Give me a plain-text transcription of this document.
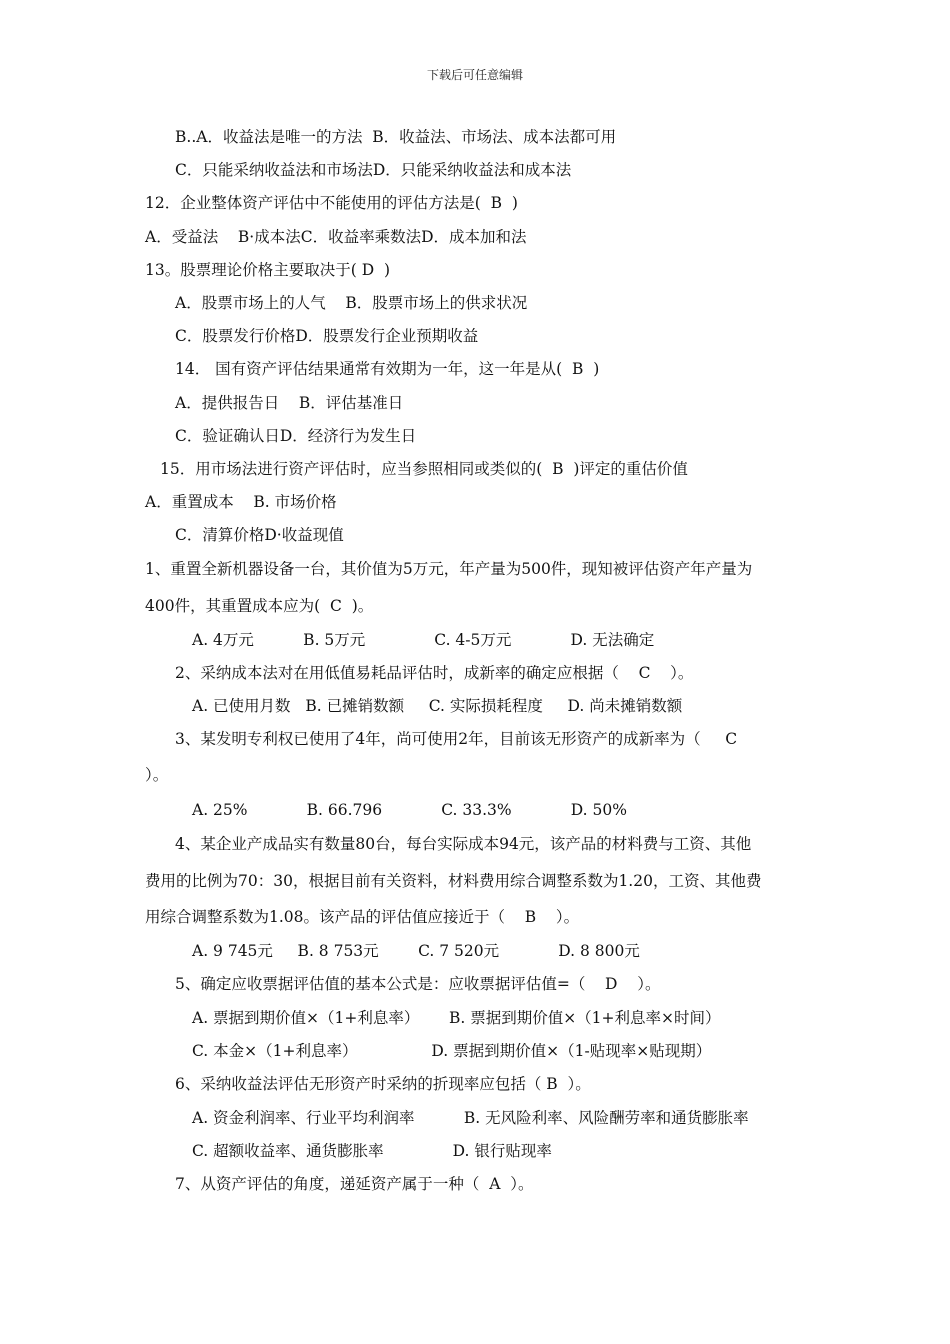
下载后可任意编辑
B..A．收益法是唯一的方法  B．收益法、市场法、成本法都可用
C．只能采纳收益法和市场法D．只能采纳收益法和成本法
12．企业整体资产评估中不能使用的评估方法是(  B  )
A．受益法    B·成本法C．收益率乘数法D．成本加和法
13。股票理论价格主要取决于( D  )
A．股票市场上的人气    B．股票市场上的供求状况
C．股票发行价格D．股票发行企业预期收益
14． 国有资产评估结果通常有效期为一年，这一年是从(  B  )
A．提供报告日    B．评估基准日
C．验证确认日D．经济行为发生日
15．用市场法进行资产评估时，应当参照相同或类似的(  B  )评定的重估价值
A．重置成本    B. 市场价格
C．清算价格D·收益现值
1、重置全新机器设备一台，其价值为5万元，年产量为500件，现知被评估资产年产量为
400件，其重置成本应为(  C  )。
A. 4万元          B. 5万元              C. 4-5万元            D. 无法确定
2、采纳成本法对在用低值易耗品评估时，成新率的确定应根据（    C    ）。
A. 已使用月数   B. 已摊销数额     C. 实际损耗程度     D. 尚未摊销数额
3、某发明专利权已使用了4年，尚可使用2年，目前该无形资产的成新率为（     C
）。
A. 25%            B. 66.796            C. 33.3%            D. 50%
4、某企业产成品实有数量80台，每台实际成本94元，该产品的材料费与工资、其他
费用的比例为70：30，根据目前有关资料，材料费用综合调整系数为1.20，工资、其他费
用综合调整系数为1.08。该产品的评估值应接近于（    B    ）。
A. 9 745元     B. 8 753元        C. 7 520元            D. 8 800元
5、确定应收票据评估值的基本公式是：应收票据评估值=（    D    ）。
A. 票据到期价值×（1+利息率）      B. 票据到期价值×（1+利息率×时间）
C. 本金×（1+利息率）               D. 票据到期价值×（1-贴现率×贴现期）
6、采纳收益法评估无形资产时采纳的折现率应包括（ B  ）。
A. 资金利润率、行业平均利润率          B. 无风险利率、风险酬劳率和通货膨胀率
C. 超额收益率、通货膨胀率              D. 银行贴现率
7、从资产评估的角度，递延资产属于一种（  A  ）。
